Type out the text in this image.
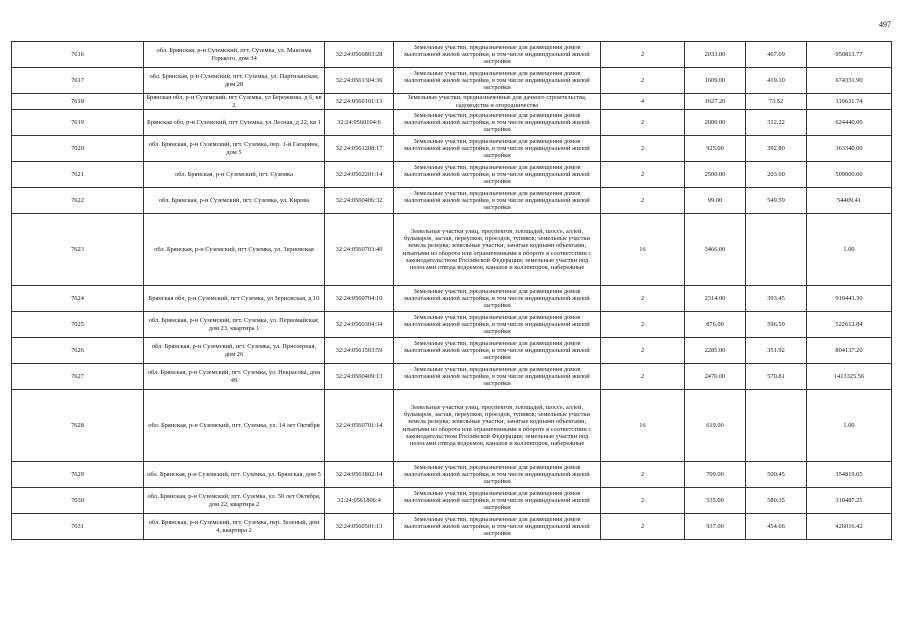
497
7616	обл. Брянская, р-н Суземский, пгт. Суземка, ул. Максима Горького, дом 34	32:24:0560803:28	Земельные участки, предназначенные для размещения домов малоэтажной жилой застройки, в том числе индивидуальной жилой застройки	2	2033.00	467.69	950813.77
7617	обл. Брянская, р-н Суземский, пгт. Суземка, ул. Партизанская, дом 28	32:24:0561304:36	Земельные участки, предназначенные для размещения домов малоэтажной жилой застройки, в том числе индивидуальной жилой застройки	2	1609.00	419.10	674331.90
7618	Брянская обл, р-н Суземский, пгт Суземка, ул Бережкова, д 6, кв 2	32:24:0560101:13	Земельные участки, предназначенные для дачного строительства, садоводства и огородничества	4	1627.20	73.52	119631.74
7619	Брянская обл, р-н Суземский, пгт Суземка, ул Лесная, д 22, кв 1	32:24:0560104:6	Земельные участки, предназначенные для размещения домов малоэтажной жилой застройки, в том числе индивидуальной жилой застройки	2	2000.00	312.22	624440.00
7620	обл. Брянская, р-н Суземский, пгт. Суземка, пер. 1-й Гагарина, дом 5	32:24:0561208:17	Земельные участки, предназначенные для размещения домов малоэтажной жилой застройки, в том числе индивидуальной жилой застройки	2	925.00	392.80	363340.00
7621	обл. Брянская, р-н Суземский, пгт. Суземка	32:24:0562201:14	Земельные участки, предназначенные для размещения домов малоэтажной жилой застройки, в том числе индивидуальной жилой застройки	2	2500.00	203.60	509000.00
7622	обл. Брянская, р-н Суземский, пгт. Суземка, ул. Кирова	32:24:0560406:32	Земельные участки, предназначенные для размещения домов малоэтажной жилой застройки, в том числе индивидуальной жилой застройки	2	99.00	549.59	54409.41
7623	обл. Брянская, р-н Суземский, пгт Суземка, ул. Зерновская	32:24:0560703:40	Земельные участки улиц, проспектов, площадей, шоссе, аллей, бульваров, застав, переулков, проездов, тупиков; земельные участки земель резерва; земельные участки, занятые водными объектами, изъятыми из оборота или ограниченными в обороте в соответствии с законодательством Российской Федерации; земельные участки под полосами отвода водоемов, каналов и коллекторов, набережные	16	3466.00		1.00
7624	Брянская обл, р-н Суземский, пгт Суземка, ул Зерновская, д 10	32:24:0560704:10	Земельные участки, предназначенные для размещения домов малоэтажной жилой застройки, в том числе индивидуальной жилой застройки	2	2314.00	393.45	910443.30
7625	обл. Брянская, р-н Суземский, пгт. Суземка, ул. Первомайская, дом 23, квартира 1	32:24:0560304:34	Земельные участки, предназначенные для размещения домов малоэтажной жилой застройки, в том числе индивидуальной жилой застройки	2	876.00	596.59	522612.84
7626	обл. Брянская, р-н Суземский, пгт. Суземка, ул. Приозерная, дом 26	32:24:0561503:59	Земельные участки, предназначенные для размещения домов малоэтажной жилой застройки, в том числе индивидуальной жилой застройки	2	2285.00	351.92	804137.20
7627	обл. Брянская, р-н Суземский, пгт. Суземка, ул. Некрасова, дом 49	32:24:0560409:13	Земельные участки, предназначенные для размещения домов малоэтажной жилой застройки, в том числе индивидуальной жилой застройки	2	2476.00	570.81	1413325.56
7628	обл. Брянская, р-н Суземский, пгт. Суземка, ул. 14 лет Октября	32:24:0560701:14	Земельные участки улиц, проспектов, площадей, шоссе, аллей, бульваров, застав, переулков, проездов, тупиков; земельные участки земель резерва; земельные участки, занятые водными объектами, изъятыми из оборота или ограниченными в обороте в соответствии с законодательством Российской Федерации; земельные участки под полосами отвода водоемов, каналов и коллекторов, набережные	16	619.00		1.00
7629	обл. Брянская, р-н Суземский, пгт. Суземка, ул. Брянская, дом 5	32:24:0561802:14	Земельные участки, предназначенные для размещения домов малоэтажной жилой застройки, в том числе индивидуальной жилой застройки	2	709.00	500.45	354819.05
7630	обл. Брянская, р-н Суземский, пгт. Суземка, ул. 50 лет Октября, дом 22, квартира 2	32:24:0561806:4	Земельные участки, предназначенные для размещения домов малоэтажной жилой застройки, в том числе индивидуальной жилой застройки	2	535.00	580.35	310487.25
7631	обл. Брянская, р-н Суземский, пгт. Суземка, пер. Зеленый, дом 4, квартира 2	32:24:0560501:13	Земельные участки, предназначенные для размещения домов малоэтажной жилой застройки, в том числе индивидуальной жилой застройки	2	937.00	454.66	426016.42
